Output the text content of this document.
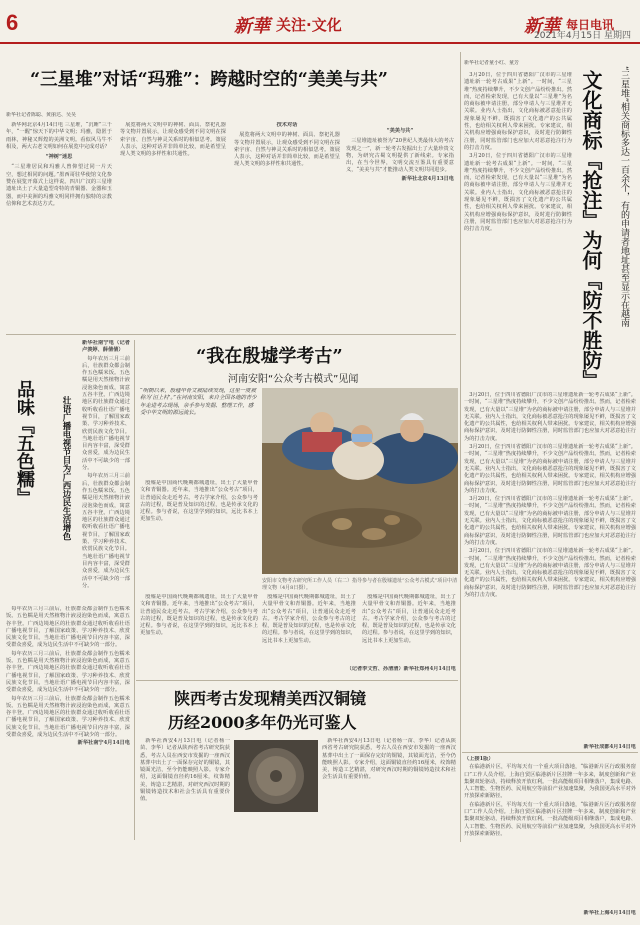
6	新華 关注·文化	新華 每日电讯
2021年4月15日 星期四
“三星堆”对话“玛雅”：跨越时空的“美美与共”
新华社记者陈聪、黄丽达、吴昊

新华网北京4月14日电 三星堆，“沉睡”三千年，“一醒”惊天下的中华文明；玛雅，隐匿于雨林，神秘又辉煌的美洲文明。看似风马牛不相及，两大古老文明如何在展览中完成对话？

“神树”迷思

“三星堆居民和玛雅人曾仰望过同一片天空，想过相同的问题。”墨西哥驻华使馆文化参赞在展览开幕式上这样说。四川广汉的三星堆遗址出土了大量造型奇特的青铜器、金器和玉器，而中美洲的玛雅文明同样拥有独特的宗教信仰和艺术表达方式。

展览将两大文明中的神树、面具、祭祀礼器等文物并置展示，让观众感受到不同文明在探索宇宙、自然与神灵关系时的相似思考。策展人表示，这种对话并非简单比较，而是希望呈现人类文明的多样性和共通性。

技术对话

展览将两大文明中的神树、面具、祭祀礼器等文物并置展示，让观众感受到不同文明在探索宇宙、自然与神灵关系时的相似思考。策展人表示，这种对话并非简单比较，而是希望呈现人类文明的多样性和共通性。

“美美与共”

三星堆遗址被誉为“20世纪人类最伟大的考古发现之一”，新一轮考古发掘出土了大量珍贵文物，为研究古蜀文明提供了新线索。专家指出，在当今世界，文明交流互鉴具有重要意义，“美美与共”才能推动人类文明共同进步。

新华社北京4月13日电	文化商标『抢注』为何『防不胜防』 “三星堆”相关商标多达一百余个，有的申请者地址甚至显示在越南
新华社记者童小红、童芳

3月20日，位于四川省德阳广汉市的三星堆遗址新一轮考古成果“上新”。一时间，“三星堆”热度持续攀升，不少文创产品纷纷推出。然而，记者检索发现，已有大量以“三星堆”为名的商标被申请注册，部分申请人与三星堆并无关联。业内人士指出，文化商标被恶意抢注的现象屡见不鲜，既损害了文化遗产的公共属性，也给相关权利人带来困扰。专家建议，相关机构应增强商标保护意识，及时进行防御性注册，同时监管部门也应加大对恶意抢注行为的打击力度。

3月20日，位于四川省德阳广汉市的三星堆遗址新一轮考古成果“上新”。一时间，“三星堆”热度持续攀升，不少文创产品纷纷推出。然而，记者检索发现，已有大量以“三星堆”为名的商标被申请注册，部分申请人与三星堆并无关联。业内人士指出，文化商标被恶意抢注的现象屡见不鲜，既损害了文化遗产的公共属性，也给相关权利人带来困扰。专家建议，相关机构应增强商标保护意识，及时进行防御性注册，同时监管部门也应加大对恶意抢注行为的打击力度。

3月20日，位于四川省德阳广汉市的三星堆遗址新一轮考古成果“上新”。一时间，“三星堆”热度持续攀升，不少文创产品纷纷推出。然而，记者检索发现，已有大量以“三星堆”为名的商标被申请注册，部分申请人与三星堆并无关联。业内人士指出，文化商标被恶意抢注的现象屡见不鲜，既损害了文化遗产的公共属性，也给相关权利人带来困扰。专家建议，相关机构应增强商标保护意识，及时进行防御性注册，同时监管部门也应加大对恶意抢注行为的打击力度。

3月20日，位于四川省德阳广汉市的三星堆遗址新一轮考古成果“上新”。一时间，“三星堆”热度持续攀升，不少文创产品纷纷推出。然而，记者检索发现，已有大量以“三星堆”为名的商标被申请注册，部分申请人与三星堆并无关联。业内人士指出，文化商标被恶意抢注的现象屡见不鲜，既损害了文化遗产的公共属性，也给相关权利人带来困扰。专家建议，相关机构应增强商标保护意识，及时进行防御性注册，同时监管部门也应加大对恶意抢注行为的打击力度。

3月20日，位于四川省德阳广汉市的三星堆遗址新一轮考古成果“上新”。一时间，“三星堆”热度持续攀升，不少文创产品纷纷推出。然而，记者检索发现，已有大量以“三星堆”为名的商标被申请注册，部分申请人与三星堆并无关联。业内人士指出，文化商标被恶意抢注的现象屡见不鲜，既损害了文化遗产的公共属性，也给相关权利人带来困扰。专家建议，相关机构应增强商标保护意识，及时进行防御性注册，同时监管部门也应加大对恶意抢注行为的打击力度。

3月20日，位于四川省德阳广汉市的三星堆遗址新一轮考古成果“上新”。一时间，“三星堆”热度持续攀升，不少文创产品纷纷推出。然而，记者检索发现，已有大量以“三星堆”为名的商标被申请注册，部分申请人与三星堆并无关联。业内人士指出，文化商标被恶意抢注的现象屡见不鲜，既损害了文化遗产的公共属性，也给相关权利人带来困扰。专家建议，相关机构应增强商标保护意识，及时进行防御性注册，同时监管部门也应加大对恶意抢注行为的打击力度。

新华社成都4月14日电
品味『五色糯』	壮语广播电视节目为广西边民生活增色

新华社南宁电（记者卢羡婷、薛倩倩）

每年农历三月三前后，壮族群众都会制作五色糯米饭。五色糯是用天然植物汁液浸泡染色而成，寓意五谷丰登。广西边境地区的壮族群众通过收听收看壮语广播电视节目，了解国家政策、学习种养技术、欣赏民族文化节目。当地壮语广播电视节目内容丰富，深受群众喜爱，成为边民生活中不可缺少的一部分。

每年农历三月三前后，壮族群众都会制作五色糯米饭。五色糯是用天然植物汁液浸泡染色而成，寓意五谷丰登。广西边境地区的壮族群众通过收听收看壮语广播电视节目，了解国家政策、学习种养技术、欣赏民族文化节目。当地壮语广播电视节目内容丰富，深受群众喜爱，成为边民生活中不可缺少的一部分。

每年农历三月三前后，壮族群众都会制作五色糯米饭。五色糯是用天然植物汁液浸泡染色而成，寓意五谷丰登。广西边境地区的壮族群众通过收听收看壮语广播电视节目，了解国家政策、学习种养技术、欣赏民族文化节目。当地壮语广播电视节目内容丰富，深受群众喜爱，成为边民生活中不可缺少的一部分。

每年农历三月三前后，壮族群众都会制作五色糯米饭。五色糯是用天然植物汁液浸泡染色而成，寓意五谷丰登。广西边境地区的壮族群众通过收听收看壮语广播电视节目，了解国家政策、学习种养技术、欣赏民族文化节目。当地壮语广播电视节目内容丰富，深受群众喜爱，成为边民生活中不可缺少的一部分。

每年农历三月三前后，壮族群众都会制作五色糯米饭。五色糯是用天然植物汁液浸泡染色而成，寓意五谷丰登。广西边境地区的壮族群众通过收听收看壮语广播电视节目，了解国家政策、学习种养技术、欣赏民族文化节目。当地壮语广播电视节目内容丰富，深受群众喜爱，成为边民生活中不可缺少的一部分。

新华社南宁4月14日电

“我在殷墟学考古”
河南安阳“公众考古模式”见闻
“明朝以来，殷墟甲骨文被陆续发现，这里一度被称为‘洹上村’。”在河南安阳，来自全国各地的青少年走进考古现场，亲手参与发掘、整理工作，感受中华文明的源远流长。

殷墟是中国商代晚期都城遗址，出土了大量甲骨文和青铜器。近年来，当地推出“公众考古”项目，让普通民众走近考古。考古学家介绍，公众参与考古的过程，既是普及知识的过程，也是传承文化的过程。参与者说，在这里学到的知识，远比书本上更加生动。

安阳市文物考古研究所工作人员（右二）指导参与者在殷墟遗址“公众考古模式”项目中清理文物（4月8日摄）。

殷墟是中国商代晚期都城遗址，出土了大量甲骨文和青铜器。近年来，当地推出“公众考古”项目，让普通民众走近考古。考古学家介绍，公众参与考古的过程，既是普及知识的过程，也是传承文化的过程。参与者说，在这里学到的知识，远比书本上更加生动。

殷墟是中国商代晚期都城遗址，出土了大量甲骨文和青铜器。近年来，当地推出“公众考古”项目，让普通民众走近考古。考古学家介绍，公众参与考古的过程，既是普及知识的过程，也是传承文化的过程。参与者说，在这里学到的知识，远比书本上更加生动。

殷墟是中国商代晚期都城遗址，出土了大量甲骨文和青铜器。近年来，当地推出“公众考古”项目，让普通民众走近考古。考古学家介绍，公众参与考古的过程，既是普及知识的过程，也是传承文化的过程。参与者说，在这里学到的知识，远比书本上更加生动。

（记者李文哲、孙清清）新华社郑州4月14日电
陕西考古发现精美西汉铜镜
历经2000多年仍光可鉴人

新华社西安4月13日电（记者杨一苗、李华）记者从陕西省考古研究院获悉，考古人员在西安市发掘的一座西汉墓葬中出土了一面保存完好的铜镜，其镜面光洁，至今仍能映照人影。专家介绍，这面铜镜直径约16厘米，纹饰精美，铸造工艺精湛，对研究西汉时期的铜镜铸造技术和社会生活具有重要价值。

新华社西安4月13日电（记者杨一苗、李华）记者从陕西省考古研究院获悉，考古人员在西安市发掘的一座西汉墓葬中出土了一面保存完好的铜镜，其镜面光洁，至今仍能映照人影。专家介绍，这面铜镜直径约16厘米，纹饰精美，铸造工艺精湛，对研究西汉时期的铜镜铸造技术和社会生活具有重要价值。

（上接1版）

在临港新片区，平均每天有一个重大项目落地，“临港新片区行政服务窗口”工作人员介绍。上海自贸区临港新片区挂牌一年多来，制度创新和产业集聚双轮驱动，持续释放开放红利。一批高能级项目相继落户，集成电路、人工智能、生物医药、民用航空等前沿产业加速集聚，为我国更高水平对外开放探索新路径。

在临港新片区，平均每天有一个重大项目落地，“临港新片区行政服务窗口”工作人员介绍。上海自贸区临港新片区挂牌一年多来，制度创新和产业集聚双轮驱动，持续释放开放红利。一批高能级项目相继落户，集成电路、人工智能、生物医药、民用航空等前沿产业加速集聚，为我国更高水平对外开放探索新路径。

新华社上海4月14日电
